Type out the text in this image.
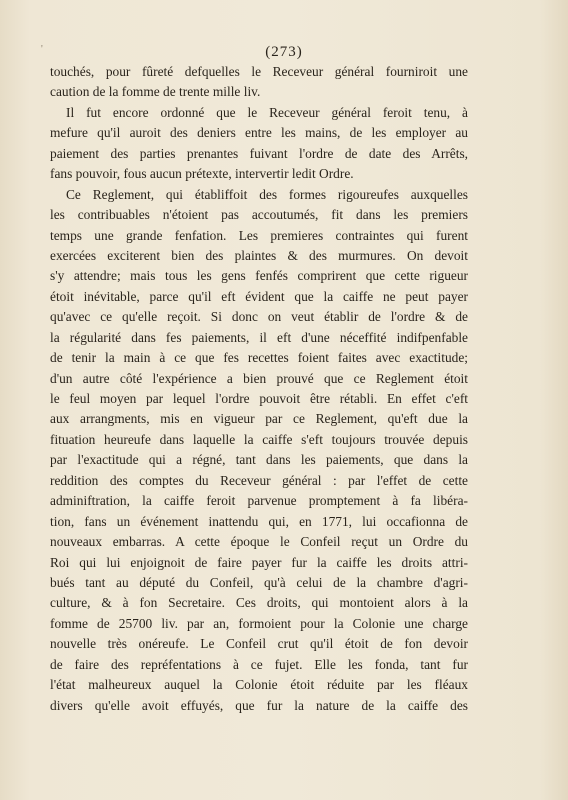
'	(273)
touchés, pour fûreté defquelles le Receveur général fourniroit une
caution de la fomme de trente mille liv.
Il fut encore ordonné que le Receveur général feroit tenu, à
mefure qu'il auroit des deniers entre les mains, de les employer au
paiement des parties prenantes fuivant l'ordre de date des Arrêts,
fans pouvoir, fous aucun prétexte, intervertir ledit Ordre.
Ce Reglement, qui établiffoit des formes rigoureufes auxquelles
les contribuables n'étoient pas accoutumés, fit dans les premiers
temps une grande fenfation. Les premieres contraintes qui furent
exercées exciterent bien des plaintes & des murmures. On devoit
s'y attendre; mais tous les gens fenfés comprirent que cette rigueur
étoit inévitable, parce qu'il eft évident que la caiffe ne peut payer
qu'avec ce qu'elle reçoit. Si donc on veut établir de l'ordre & de
la régularité dans fes paiements, il eft d'une néceffité indifpenfable
de tenir la main à ce que fes recettes foient faites avec exactitude;
d'un autre côté l'expérience a bien prouvé que ce Reglement étoit
le feul moyen par lequel l'ordre pouvoit être rétabli. En effet c'eft
aux arrangments, mis en vigueur par ce Reglement, qu'eft due la
fituation heureufe dans laquelle la caiffe s'eft toujours trouvée depuis
par l'exactitude qui a régné, tant dans les paiements, que dans la
reddition des comptes du Receveur général : par l'effet de cette
adminiftration, la caiffe feroit parvenue promptement à fa libéra-
tion, fans un événement inattendu qui, en 1771, lui occafionna de
nouveaux embarras. A cette époque le Confeil reçut un Ordre du
Roi qui lui enjoignoit de faire payer fur la caiffe les droits attri-
bués tant au député du Confeil, qu'à celui de la chambre d'agri-
culture, & à fon Secretaire. Ces droits, qui montoient alors à la
fomme de 25700 liv. par an, formoient pour la Colonie une charge
nouvelle très onéreufe. Le Confeil crut qu'il étoit de fon devoir
de faire des repréfentations à ce fujet. Elle les fonda, tant fur
l'état malheureux auquel la Colonie étoit réduite par les fléaux
divers qu'elle avoit effuyés, que fur la nature de la caiffe des
